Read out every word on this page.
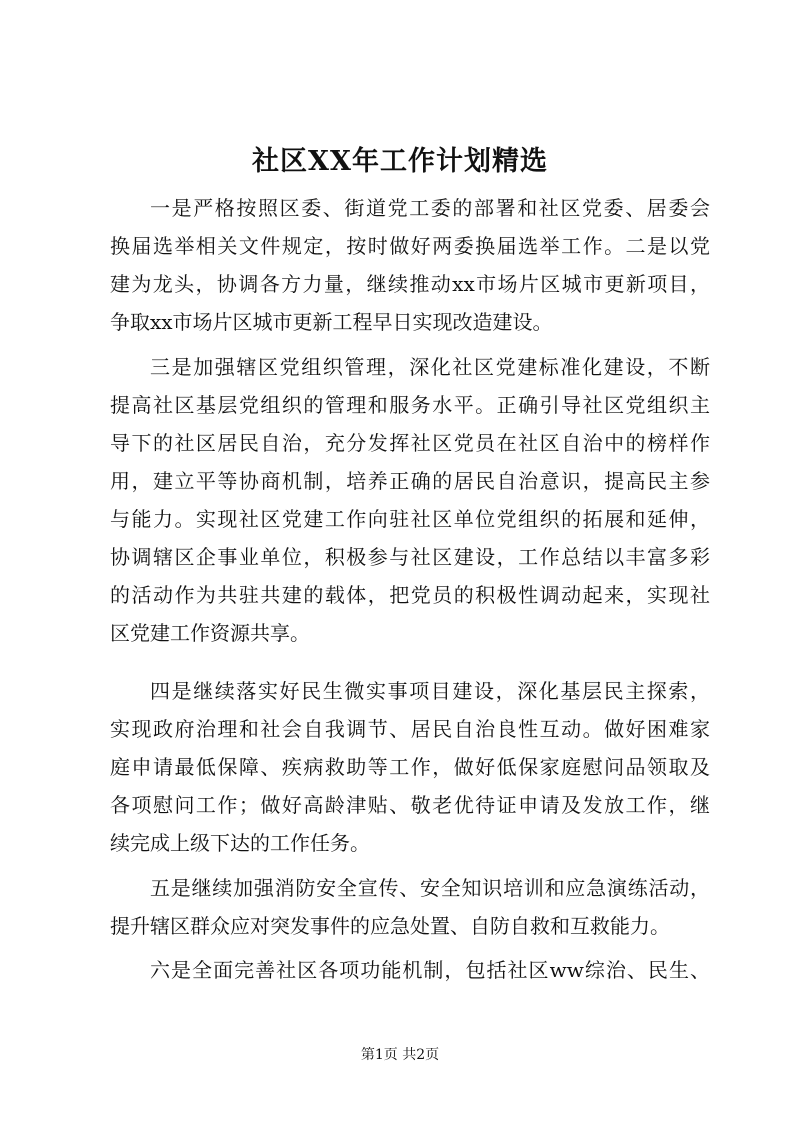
社区XX年工作计划精选
一是严格按照区委、街道党工委的部署和社区党委、居委会
换届选举相关文件规定，按时做好两委换届选举工作。二是以党
建为龙头，协调各方力量，继续推动xx市场片区城市更新项目，
争取xx市场片区城市更新工程早日实现改造建设。
三是加强辖区党组织管理，深化社区党建标准化建设，不断
提高社区基层党组织的管理和服务水平。正确引导社区党组织主
导下的社区居民自治，充分发挥社区党员在社区自治中的榜样作
用，建立平等协商机制，培养正确的居民自治意识，提高民主参
与能力。实现社区党建工作向驻社区单位党组织的拓展和延伸，
协调辖区企事业单位，积极参与社区建设，工作总结以丰富多彩
的活动作为共驻共建的载体，把党员的积极性调动起来，实现社
区党建工作资源共享。
四是继续落实好民生微实事项目建设，深化基层民主探索，
实现政府治理和社会自我调节、居民自治良性互动。做好困难家
庭申请最低保障、疾病救助等工作，做好低保家庭慰问品领取及
各项慰问工作；做好高龄津贴、敬老优待证申请及发放工作，继
续完成上级下达的工作任务。
五是继续加强消防安全宣传、安全知识培训和应急演练活动，
提升辖区群众应对突发事件的应急处置、自防自救和互救能力。
六是全面完善社区各项功能机制，包括社区ww综治、民生、
第1页 共2页
